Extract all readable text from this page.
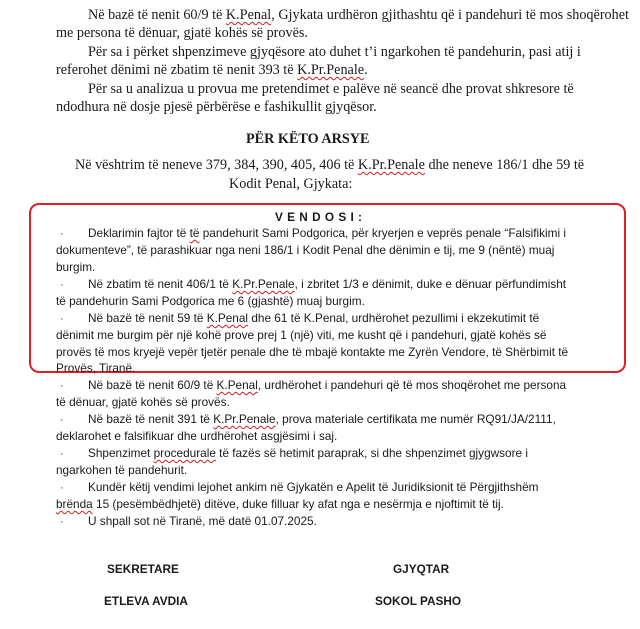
Në bazë të nenit 60/9 të K.Penal, Gjykata urdhëron gjithashtu që i pandehuri të mos shoqërohet
me persona të dënuar, gjatë kohës së provës.
Për sa i përket shpenzimeve gjyqësore ato duhet t’i ngarkohen të pandehurin, pasi atij i
referohet dënimi në zbatim të nenit 393 të K.Pr.Penale.
Për sa u analizua u provua me pretendimet e palëve në seancë dhe provat shkresore të
ndodhura në dosje pjesë përbërëse e fashikullit gjyqësor.
PËR KËTO ARSYE
Në vështrim të neneve 379, 384, 390, 405, 406 të K.Pr.Penale dhe neneve 186/1 dhe 59 të
Kodit Penal, Gjykata:
V E N D O S I :
· Deklarimin fajtor të të pandehurit Sami Podgorica, për kryerjen e veprës penale “Falsifikimi i
dokumenteve”, të parashikuar nga neni 186/1 i Kodit Penal dhe dënimin e tij, me 9 (nëntë) muaj
burgim.
· Në zbatim të nenit 406/1 të K.Pr.Penale, i zbritet 1/3 e dënimit, duke e dënuar përfundimisht
të pandehurin Sami Podgorica me 6 (gjashtë) muaj burgim.
· Në bazë të nenit 59 të K.Penal dhe 61 të K.Penal, urdhërohet pezullimi i ekzekutimit të
dënimit me burgim për një kohë prove prej 1 (një) viti, me kusht që i pandehuri, gjatë kohës së
provës të mos kryejë vepër tjetër penale dhe të mbajë kontakte me Zyrën Vendore, të Shërbimit të
Provës, Tiranë.
· Në bazë të nenit 60/9 të K.Penal, urdhërohet i pandehuri që të mos shoqërohet me persona
të dënuar, gjatë kohës së provës.
· Në bazë të nenit 391 të K.Pr.Penale, prova materiale certifikata me numër RQ91/JA/2111,
deklarohet e falsifikuar dhe urdhërohet asgjësimi i saj.
· Shpenzimet procedurale të fazës së hetimit paraprak, si dhe shpenzimet gjygwsore i
ngarkohen të pandehurit.
· Kundër këtij vendimi lejohet ankim në Gjykatën e Apelit të Juridiksionit të Përgjithshëm
brënda 15 (pesëmbëdhjetë) ditëve, duke filluar ky afat nga e nesërmja e njoftimit të tij.
· U shpall sot në Tiranë, më datë 01.07.2025.
SEKRETARE	GJYQTAR
ETLEVA AVDIA	SOKOL PASHO
